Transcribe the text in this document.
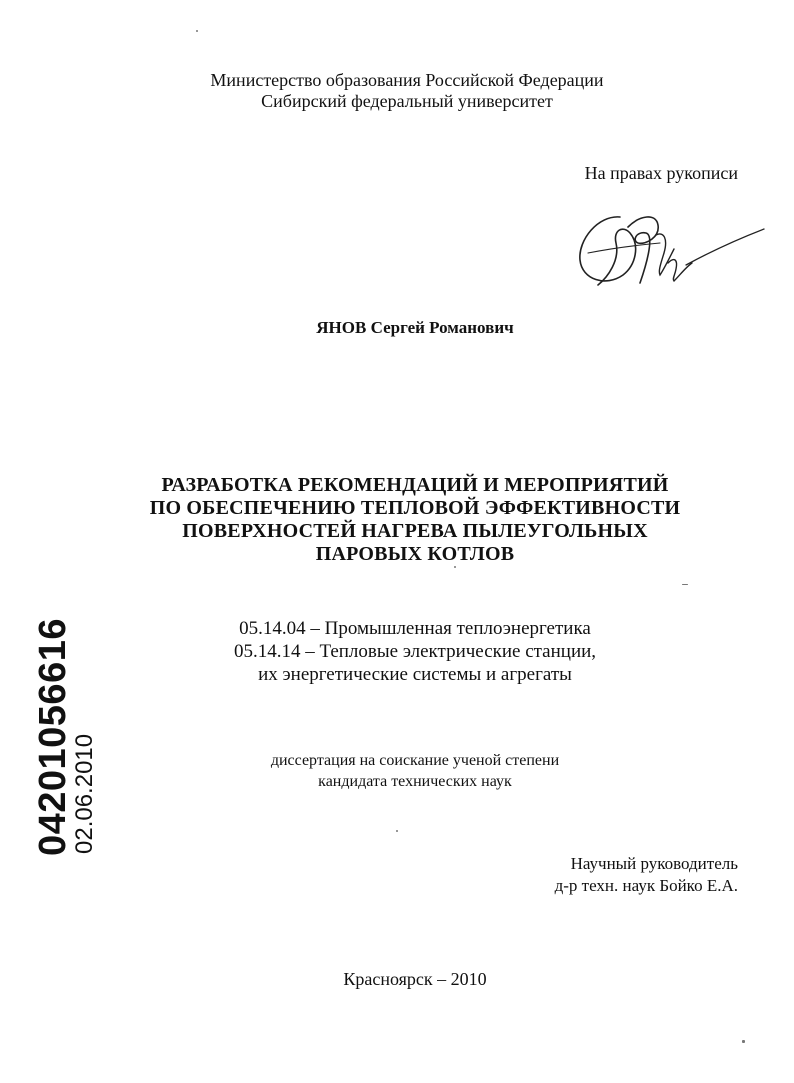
Министерство образования Российской Федерации
Сибирский федеральный университет
На правах рукописи
ЯНОВ Сергей Романович
РАЗРАБОТКА РЕКОМЕНДАЦИЙ И МЕРОПРИЯТИЙ
ПО ОБЕСПЕЧЕНИЮ ТЕПЛОВОЙ ЭФФЕКТИВНОСТИ
ПОВЕРХНОСТЕЙ НАГРЕВА ПЫЛЕУГОЛЬНЫХ
ПАРОВЫХ КОТЛОВ
05.14.04 – Промышленная теплоэнергетика
05.14.14 – Тепловые электрические станции,
их энергетические системы и агрегаты
диссертация на соискание ученой степени
кандидата технических наук
Научный руководитель
д-р техн. наук Бойко Е.А.
Красноярск – 2010
04201056616
02.06.2010
